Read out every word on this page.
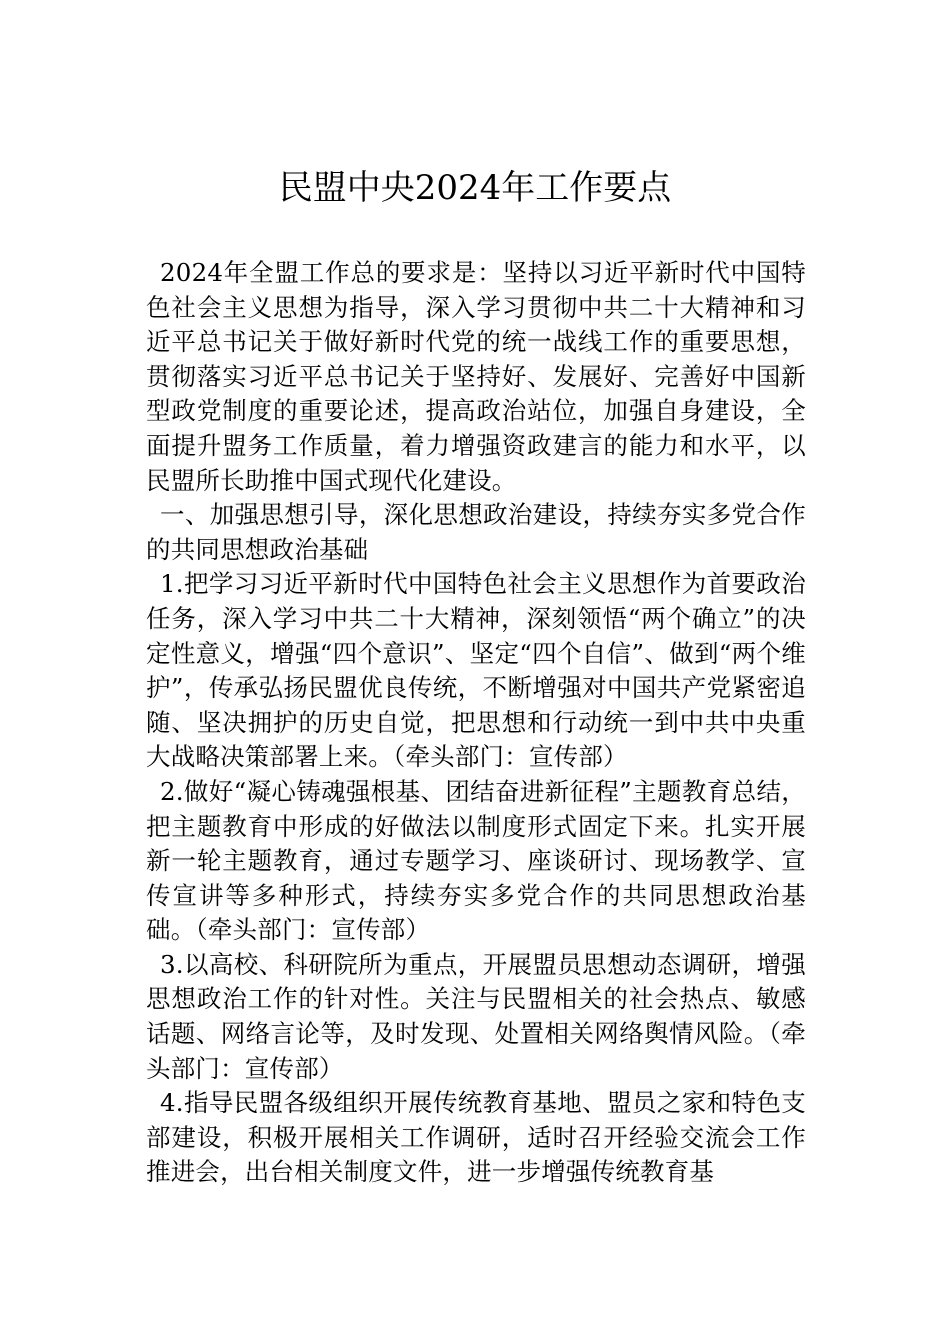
民盟中央2024年工作要点

2024年全盟工作总的要求是：坚持以习近平新时代中国特色社会主义思想为指导，深入学习贯彻中共二十大精神和习近平总书记关于做好新时代党的统一战线工作的重要思想，贯彻落实习近平总书记关于坚持好、发展好、完善好中国新型政党制度的重要论述，提高政治站位，加强自身建设，全面提升盟务工作质量，着力增强资政建言的能力和水平，以民盟所长助推中国式现代化建设。

一、加强思想引导，深化思想政治建设，持续夯实多党合作的共同思想政治基础

1.把学习习近平新时代中国特色社会主义思想作为首要政治任务，深入学习中共二十大精神，深刻领悟“两个确立”的决定性意义，增强“四个意识”、坚定“四个自信”、做到“两个维护”，传承弘扬民盟优良传统，不断增强对中国共产党紧密追随、坚决拥护的历史自觉，把思想和行动统一到中共中央重大战略决策部署上来。（牵头部门：宣传部）

2.做好“凝心铸魂强根基、团结奋进新征程”主题教育总结，把主题教育中形成的好做法以制度形式固定下来。扎实开展新一轮主题教育，通过专题学习、座谈研讨、现场教学、宣传宣讲等多种形式，持续夯实多党合作的共同思想政治基础。（牵头部门：宣传部）

3.以高校、科研院所为重点，开展盟员思想动态调研，增强思想政治工作的针对性。关注与民盟相关的社会热点、敏感话题、网络言论等，及时发现、处置相关网络舆情风险。（牵头部门：宣传部）

4.指导民盟各级组织开展传统教育基地、盟员之家和特色支部建设，积极开展相关工作调研，适时召开经验交流会工作推进会，出台相关制度文件，进一步增强传统教育基
